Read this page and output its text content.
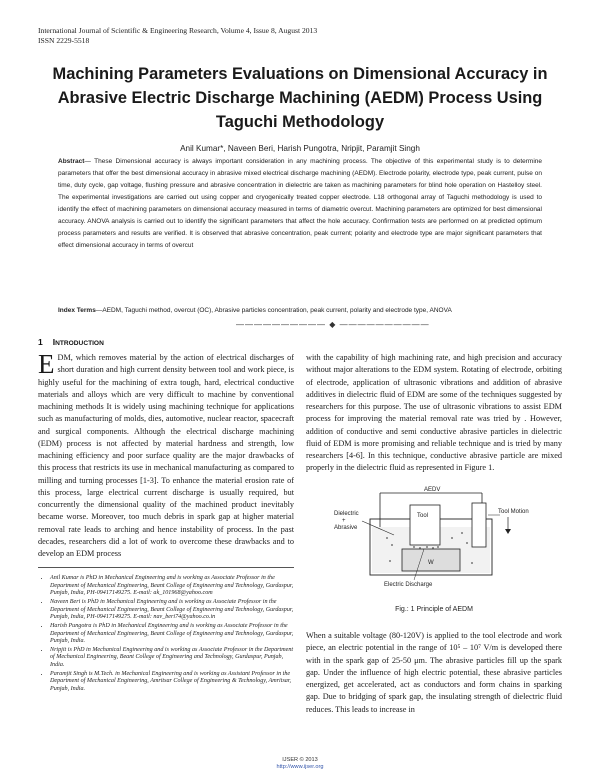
International Journal of Scientific & Engineering Research, Volume 4, Issue 8, August 2013
ISSN 2229-5518
Machining Parameters Evaluations on Dimensional Accuracy in Abrasive Electric Discharge Machining (AEDM) Process Using Taguchi Methodology
Anil Kumar*, Naveen Beri, Harish Pungotra, Nripjit, Paramjit Singh
Abstract— These Dimensional accuracy is always important consideration in any machining process. The objective of this experimental study is to determine parameters that offer the best dimensional accuracy in abrasive mixed electrical discharge machining (AEDM). Electrode polarity, electrode type, peak current, pulse on time, duty cycle, gap voltage, flushing pressure and abrasive concentration in dielectric are taken as machining parameters for blind hole operation on Hastelloy steel. The experimental investigations are carried out using copper and cryogenically treated copper electrode. L18 orthogonal array of Taguchi methodology is used to identify the effect of machining parameters on dimensional accuracy measured in terms of diametric overcut. Machining parameters are optimized for best dimensional accuracy. ANOVA analysis is carried out to identify the significant parameters that affect the hole accuracy. Confirmation tests are performed on at predicted optimum process parameters and results are verified. It is observed that abrasive concentration, peak current; polarity and electrode type are major significant parameters that effect dimensional accuracy in terms of overcut
Index Terms—AEDM, Taguchi method, overcut (OC), Abrasive particles concentration, peak current, polarity and electrode type, ANOVA
—————————— ◆ ——————————
1 INTRODUCTION
EDM, which removes material by the action of electrical discharges of short duration and high current density between tool and work piece, is highly useful for the machining of extra tough, hard, electrical conductive materials and alloys which are very difficult to machine by conventional machining methods It is widely using machining technique for applications such as manufacturing of molds, dies, automotive, nuclear reactor, spacecraft and surgical components. Although the electrical discharge machining (EDM) process is not affected by material hardness and strength, low machining efficiency and poor surface quality are the major drawbacks of this process that restricts its use in mechanical manufacturing as compared to milling and turning processes [1-3]. To enhance the material erosion rate of this process, large electrical current discharge is usually required, but concurrently the dimensional quality of the machined product inevitably became worse. Moreover, too much debris in spark gap at higher material removal rate leads to arching and hence instability of process. In the past decades, researchers did a lot of work to overcome these drawbacks and to develop an EDM process
with the capability of high machining rate, and high precision and accuracy without major alterations to the EDM system. Rotating of electrode, orbiting of electrode, application of ultrasonic vibrations and addition of abrasive additives in dielectric fluid of EDM are some of the techniques suggested by researchers for this purpose. The use of ultrasonic vibrations to assist EDM process for improving the material removal rate was tried by . However, addition of conductive and semi conductive abrasive particles in dielectric fluid of EDM is more promising and reliable technique and is tried by many researchers [4-6]. In this technique, conductive abrasive particle are mixed properly in the dielectric fluid as represented in Figure 1.
AEDV
W
Tool
Dielectric
+
Abrasive
Tool Motion
Electric Discharge
Fig.: 1 Principle of AEDM
When a suitable voltage (80-120V) is applied to the tool electrode and work piece, an electric potential in the range of 10⁵ – 10⁷ V/m is developed there with in the spark gap of 25-50 μm. The abrasive particles fill up the spark gap. Under the influence of high electric potential, these abrasive particles energized, get accelerated, act as conductors and form chains in sparking gap. Due to bridging of spark gap, the insulating strength of dielectric fluid reduces. This leads to increase in
• Anil Kumar is PhD in Mechanical Engineering and is working as Associate Professor in the Department of Mechanical Engineering, Beant College of Engineering and Technology, Gurdaspur, Punjab, India, PH-09417149275. E-mail: ak_101968@yahoo.com
• Naveen Beri is PhD in Mechanical Engineering and is working as Associate Professor in the Department of Mechanical Engineering, Beant College of Engineering and Technology, Gurdaspur, Punjab, India, PH-09417149275. E-mail: nav_beri74@yahoo.co.in
• Harish Pungotra is PhD in Mechanical Engineering and is working as Associate Professor in the Department of Mechanical Engineering, Beant College of Engineering and Technology, Gurdaspur, Punjab, India.
• Nripjit is PhD in Mechanical Engineering and is working as Associate Professor in the Department of Mechanical Engineering, Beant College of Engineering and Technology, Gurdaspur, Punjab, India.
• Paramjit Singh is M.Tech. in Mechanical Engineering and is working as Assistant Professor in the Department of Mechanical Engineering, Amritsar College of Engineering & Technology, Amritsar, Punjab, India.
IJSER © 2013
http://www.ijser.org
